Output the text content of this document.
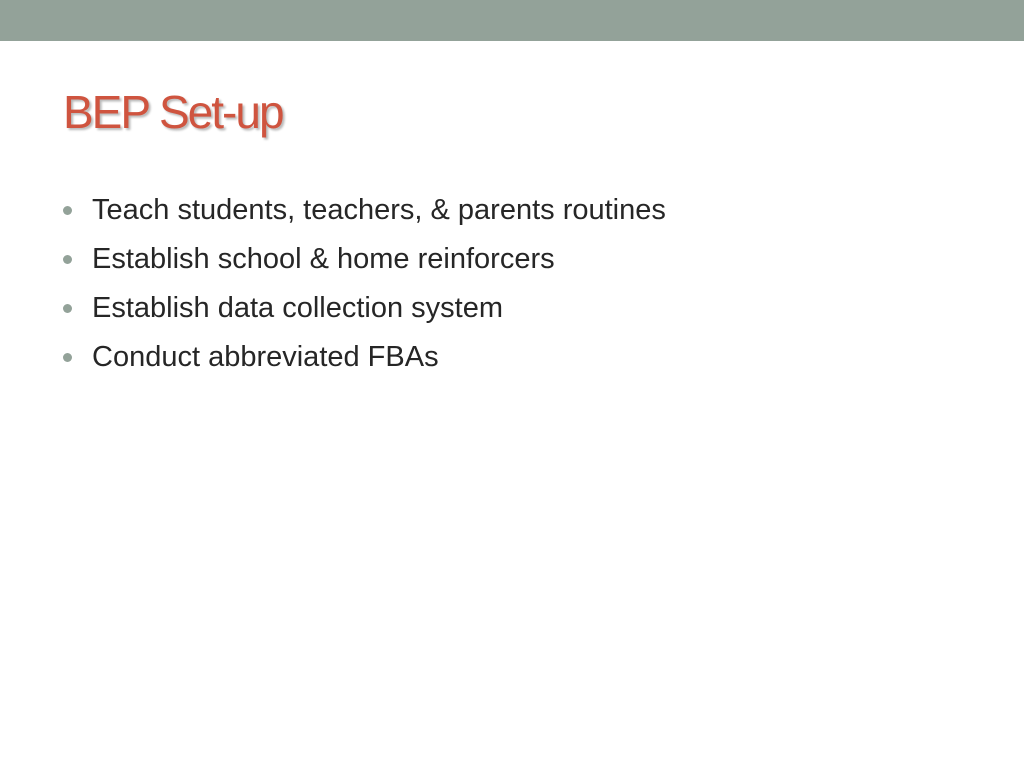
BEP Set-up
Teach students, teachers, & parents routines
Establish school & home reinforcers
Establish data collection system
Conduct abbreviated FBAs
